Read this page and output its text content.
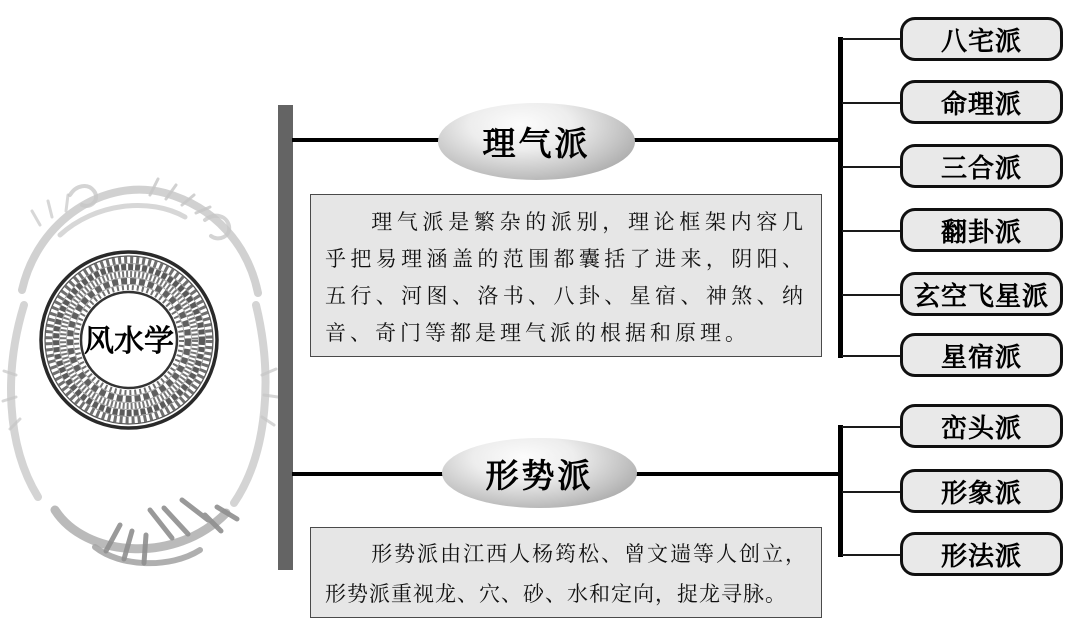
风水学
理气派
形势派

理气派是繁杂的派别，理论框架内容几乎把易理涵盖的范围都囊括了进来，阴阳、五行、河图、洛书、八卦、星宿、神煞、纳音、奇门等都是理气派的根据和原理。

形势派由江西人杨筠松、曾文遄等人创立，形势派重视龙、穴、砂、水和定向，捉龙寻脉。

八宅派
命理派
三合派
翻卦派
玄空飞星派
星宿派
峦头派
形象派
形法派
